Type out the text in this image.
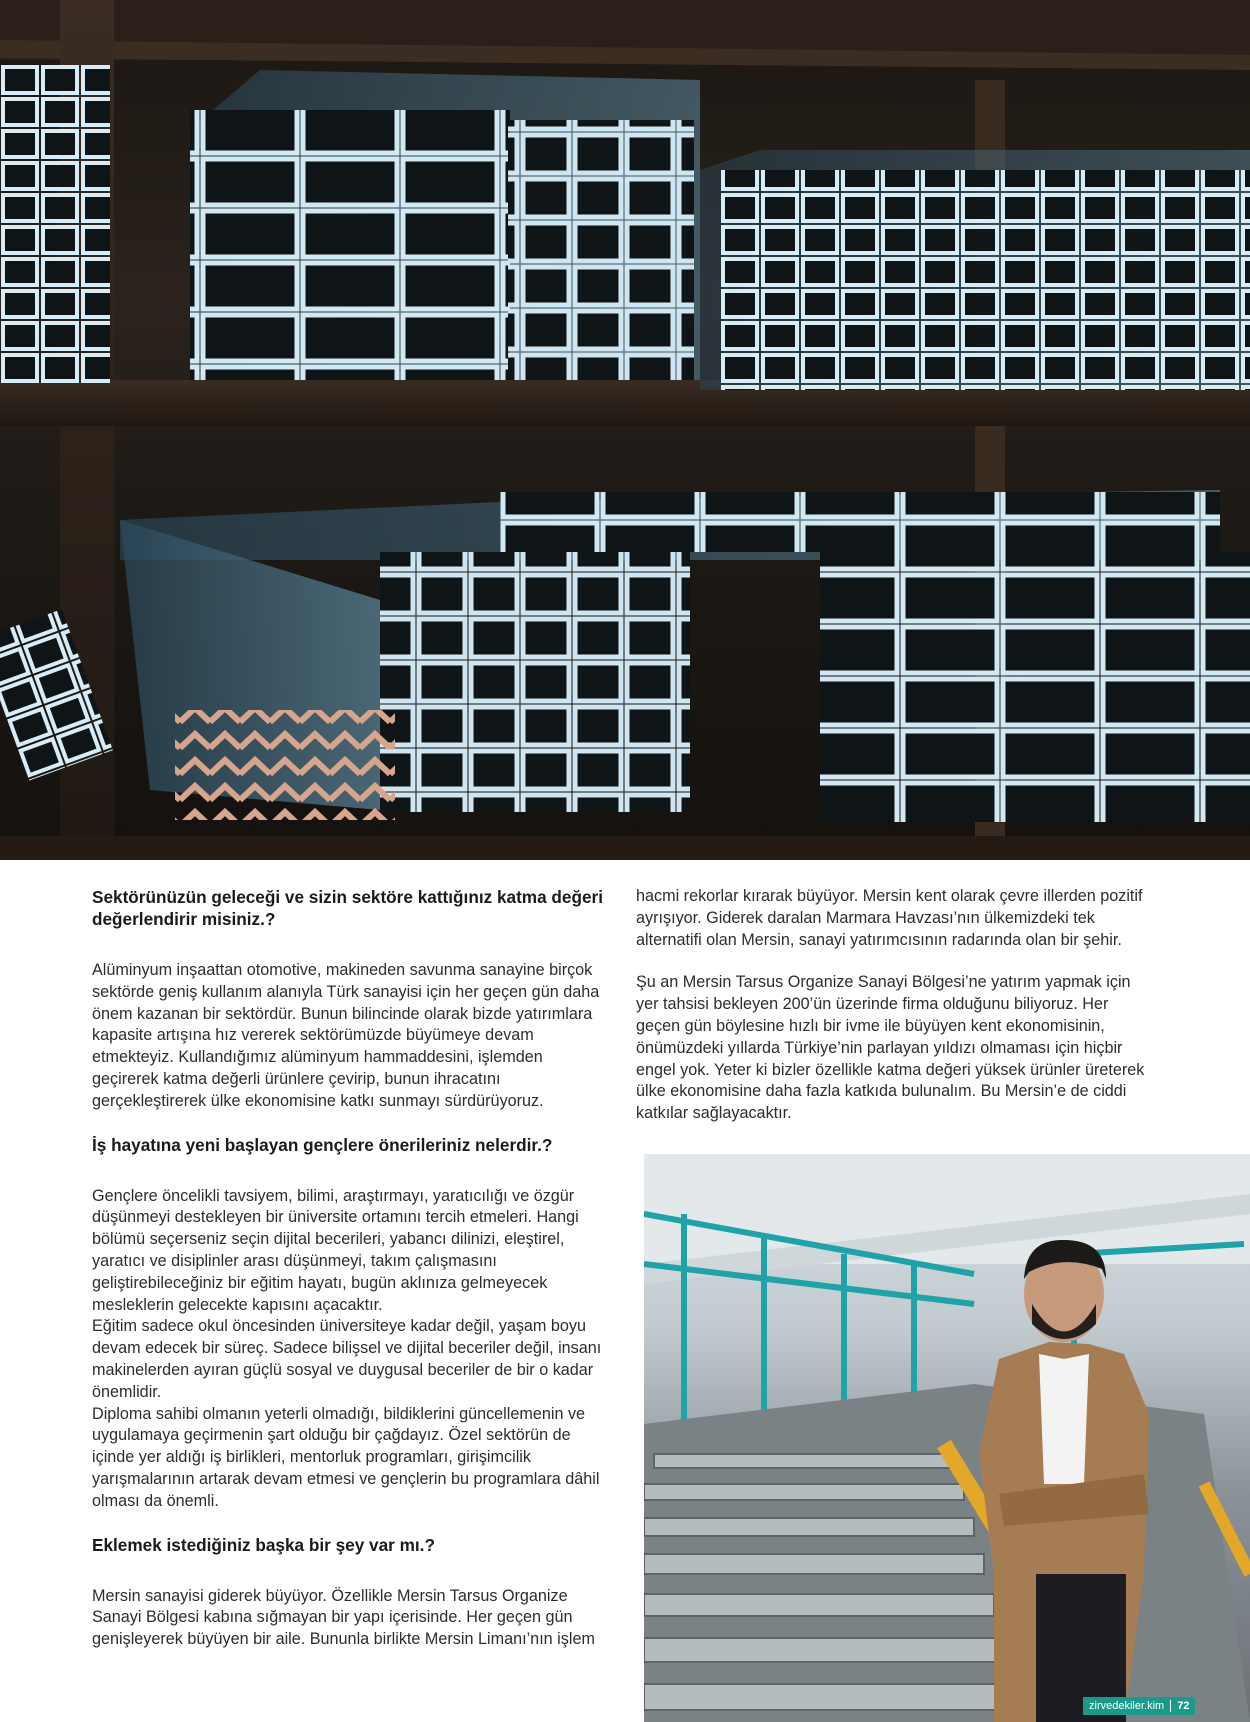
Sektörünüzün geleceği ve sizin sektöre kattığınız katma değeri değerlendirir misiniz.?

Alüminyum inşaattan otomotive, makineden savunma sanayine birçok sektörde geniş kullanım alanıyla Türk sanayisi için her geçen gün daha önem kazanan bir sektördür. Bunun bilincinde olarak bizde yatırımlara kapasite artışına hız vererek sektörümüzde büyümeye devam etmekteyiz. Kullandığımız alüminyum hammaddesini, işlemden geçirerek katma değerli ürünlere çevirip, bunun ihracatını gerçekleştirerek ülke ekonomisine katkı sunmayı sürdürüyoruz.

İş hayatına yeni başlayan gençlere önerileriniz nelerdir.?

Gençlere öncelikli tavsiyem, bilimi, araştırmayı, yaratıcılığı ve özgür düşünmeyi destekleyen bir üniversite ortamını tercih etmeleri. Hangi bölümü seçerseniz seçin dijital becerileri, yabancı dilinizi, eleştirel, yaratıcı ve disiplinler arası düşünmeyi, takım çalışmasını geliştirebileceğiniz bir eğitim hayatı, bugün aklınıza gelmeyecek mesleklerin gelecekte kapısını açacaktır.

Eğitim sadece okul öncesinden üniversiteye kadar değil, yaşam boyu devam edecek bir süreç. Sadece bilişsel ve dijital beceriler değil, insanı makinelerden ayıran güçlü sosyal ve duygusal beceriler de bir o kadar önemlidir.

Diploma sahibi olmanın yeterli olmadığı, bildiklerini güncellemenin ve uygulamaya geçirmenin şart olduğu bir çağdayız. Özel sektörün de içinde yer aldığı iş birlikleri, mentorluk programları, girişimcilik yarışmalarının artarak devam etmesi ve gençlerin bu programlara dâhil olması da önemli.

Eklemek istediğiniz başka bir şey var mı.?

Mersin sanayisi giderek büyüyor. Özellikle Mersin Tarsus Organize Sanayi Bölgesi kabına sığmayan bir yapı içerisinde. Her geçen gün genişleyerek büyüyen bir aile. Bununla birlikte Mersin Limanı’nın işlem

hacmi rekorlar kırarak büyüyor. Mersin kent olarak çevre illerden pozitif ayrışıyor. Giderek daralan Marmara Havzası’nın ülkemizdeki tek alternatifi olan Mersin, sanayi yatırımcısının radarında olan bir şehir.

Şu an Mersin Tarsus Organize Sanayi Bölgesi’ne yatırım yapmak için yer tahsisi bekleyen 200’ün üzerinde firma olduğunu biliyoruz. Her geçen gün böylesine hızlı bir ivme ile büyüyen kent ekonomisinin, önümüzdeki yıllarda Türkiye’nin parlayan yıldızı olmaması için hiçbir engel yok. Yeter ki bizler özellikle katma değeri yüksek ürünler üreterek ülke ekonomisine daha fazla katkıda bulunalım. Bu Mersin’e de ciddi katkılar sağlayacaktır.

zirvedekiler.kim 72
